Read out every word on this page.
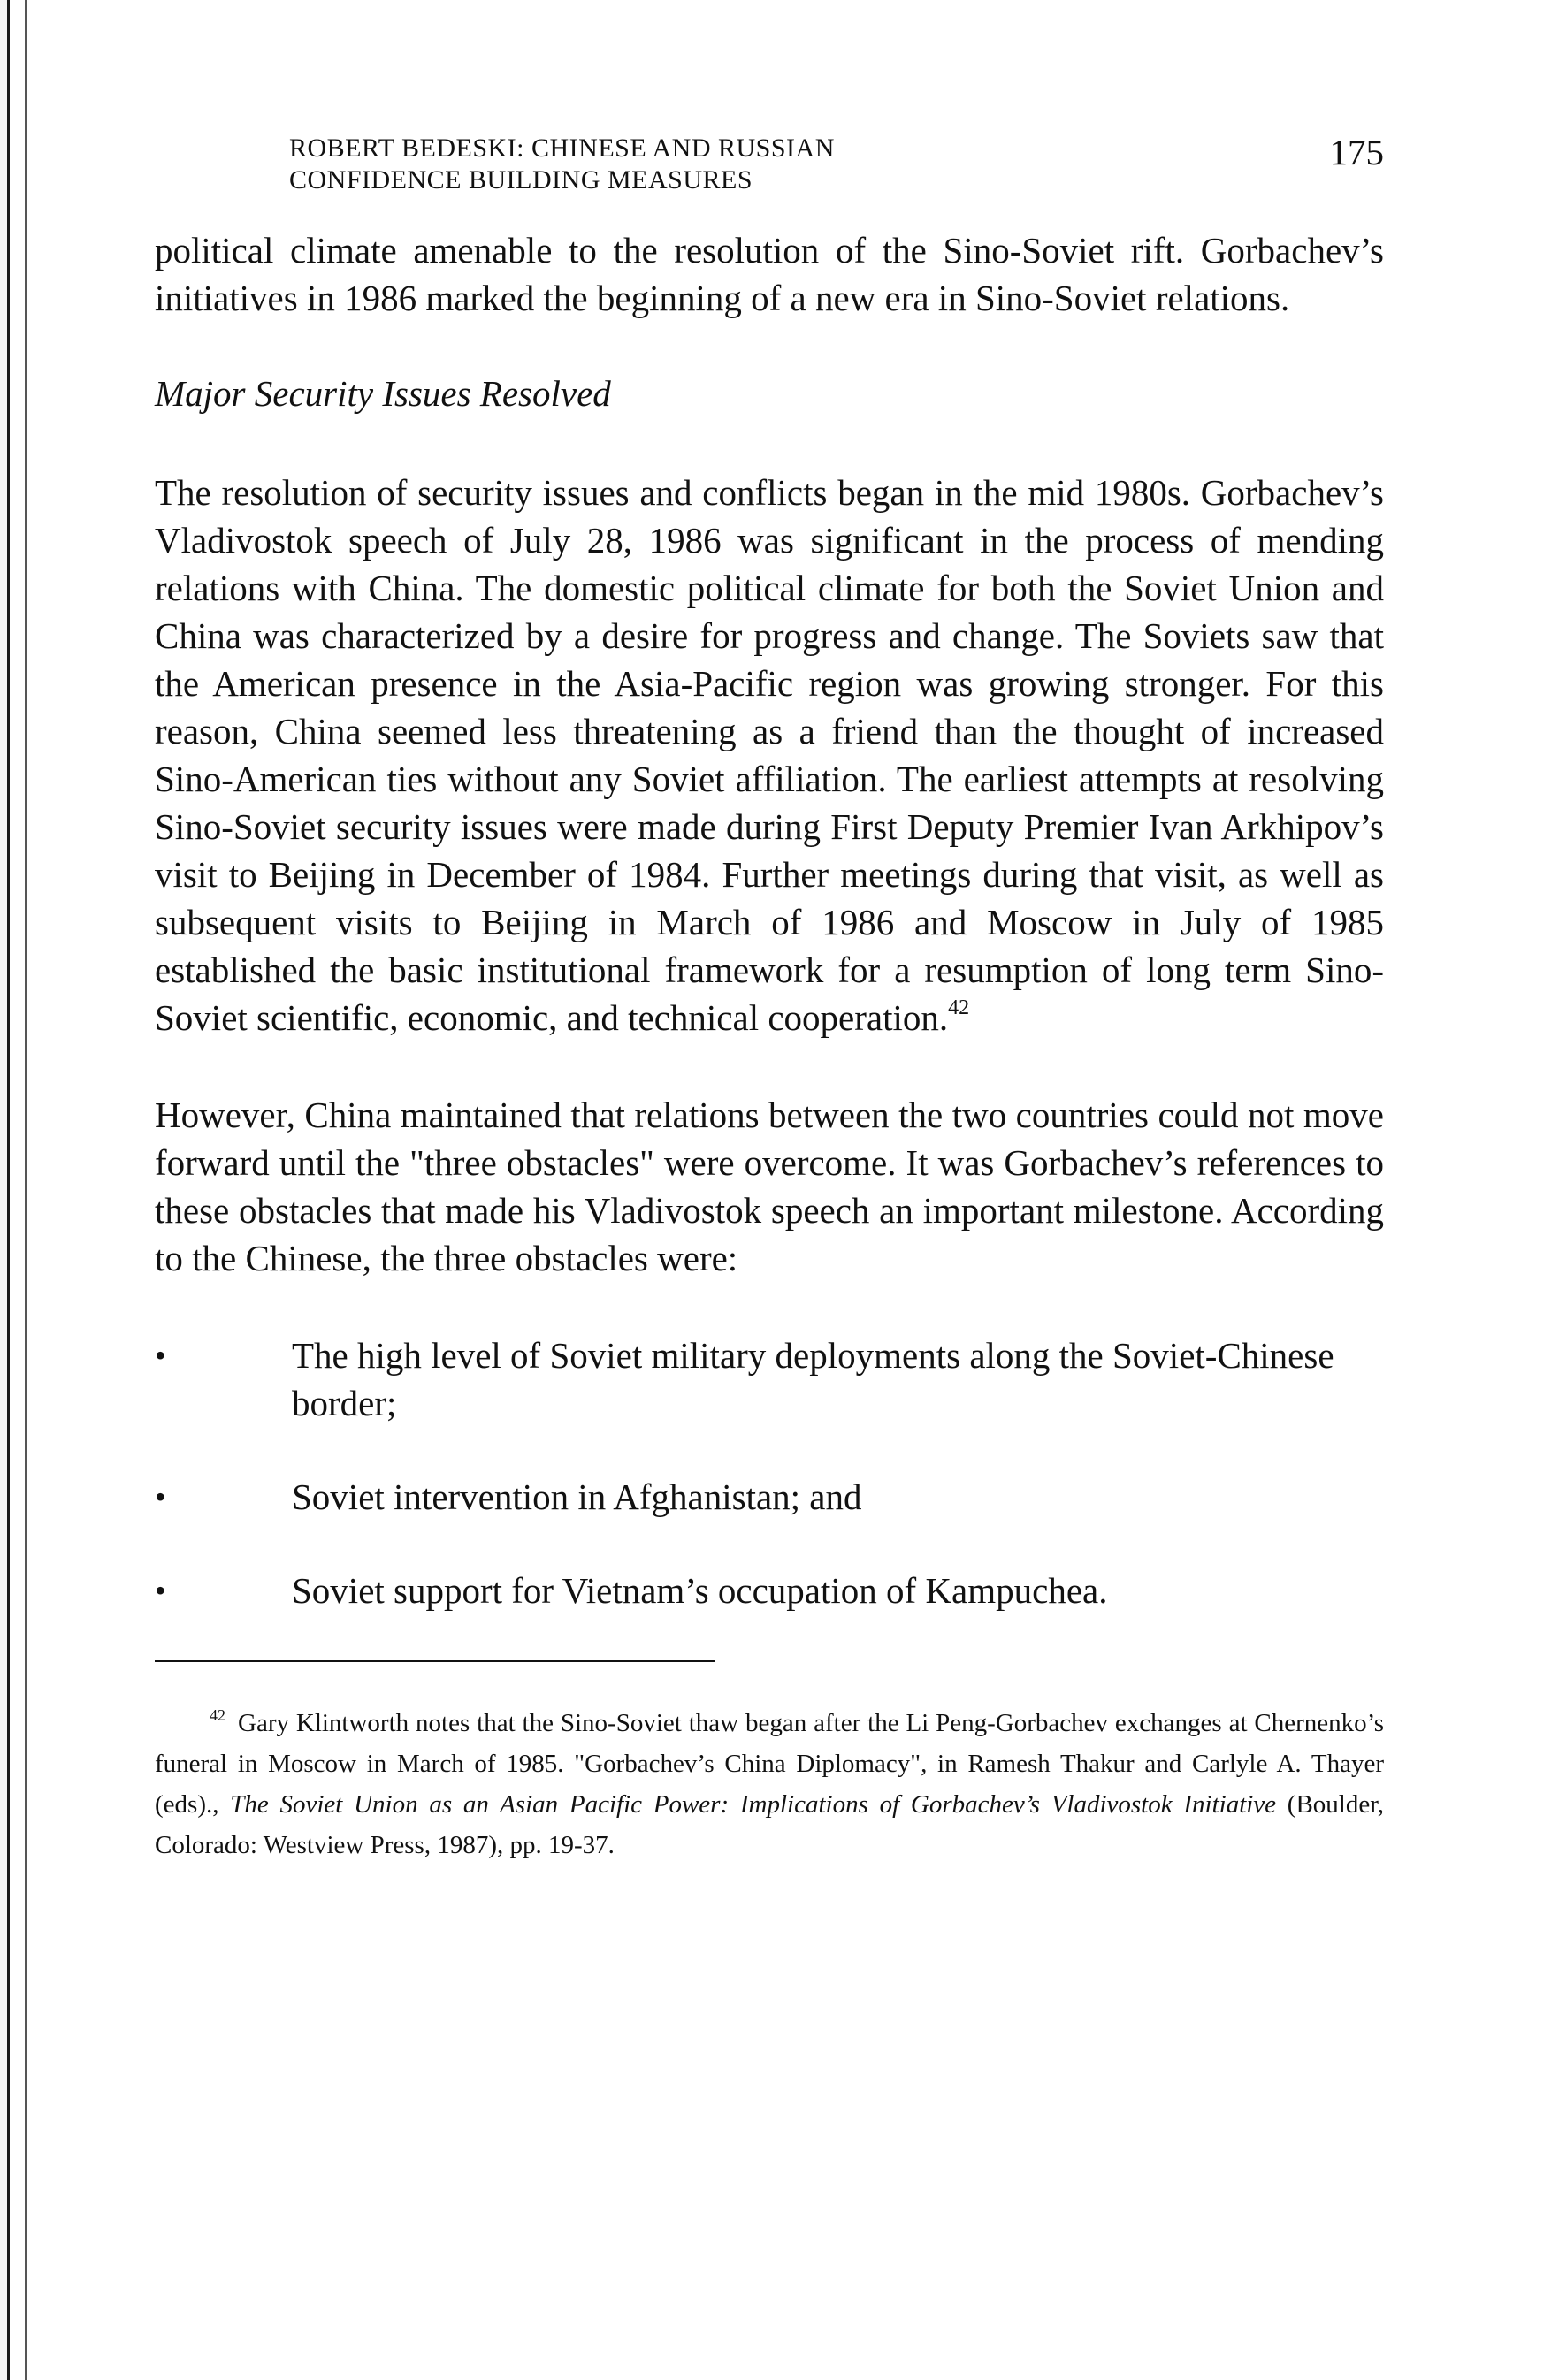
ROBERT BEDESKI: CHINESE AND RUSSIAN
CONFIDENCE BUILDING MEASURES
175

political climate amenable to the resolution of the Sino-Soviet rift. Gorbachev’s initiatives in 1986 marked the beginning of a new era in Sino-Soviet relations.

Major Security Issues Resolved

The resolution of security issues and conflicts began in the mid 1980s. Gorbachev’s Vladivostok speech of July 28, 1986 was significant in the process of mending relations with China. The domestic political climate for both the Soviet Union and China was characterized by a desire for progress and change. The Soviets saw that the American presence in the Asia-Pacific region was growing stronger. For this reason, China seemed less threatening as a friend than the thought of increased Sino-American ties without any Soviet affiliation. The earliest attempts at resolving Sino-Soviet security issues were made during First Deputy Premier Ivan Arkhipov’s visit to Beijing in December of 1984. Further meetings during that visit, as well as subsequent visits to Beijing in March of 1986 and Moscow in July of 1985 established the basic institutional framework for a resumption of long term Sino-Soviet scientific, economic, and technical cooperation.$^{42}$

However, China maintained that relations between the two countries could not move forward until the "three obstacles" were overcome. It was Gorbachev’s references to these obstacles that made his Vladivostok speech an important milestone. According to the Chinese, the three obstacles were:

•	The high level of Soviet military deployments along the Soviet-Chinese border;
•	Soviet intervention in Afghanistan; and
•	Soviet support for Vietnam’s occupation of Kampuchea.

$^{42}$ Gary Klintworth notes that the Sino-Soviet thaw began after the Li Peng-Gorbachev exchanges at Chernenko’s funeral in Moscow in March of 1985. "Gorbachev’s China Diplomacy", in Ramesh Thakur and Carlyle A. Thayer (eds)., The Soviet Union as an Asian Pacific Power: Implications of Gorbachev’s Vladivostok Initiative (Boulder, Colorado: Westview Press, 1987), pp. 19-37.
